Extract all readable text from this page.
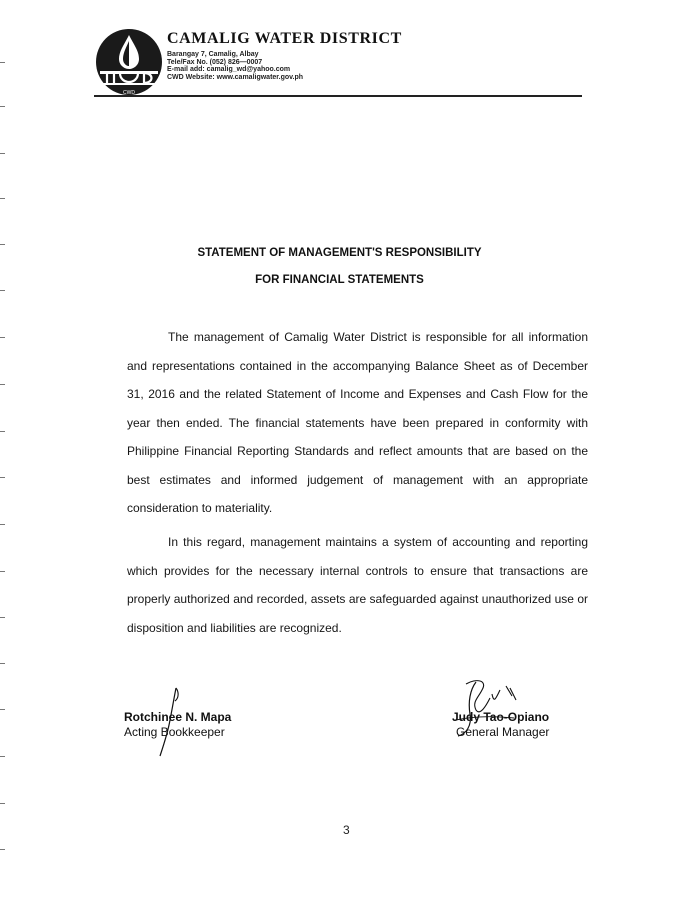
CWD
CAMALIG WATER DISTRICT
Barangay 7, Camalig, Albay
Tele/Fax No. (052) 826—0007
E-mail add: camalig_wd@yahoo.com
CWD Website: www.camaligwater.gov.ph
STATEMENT OF MANAGEMENT'S RESPONSIBILITY
FOR FINANCIAL STATEMENTS

The management of Camalig Water District is responsible for all information and representations contained in the accompanying Balance Sheet as of December 31, 2016 and the related Statement of Income and Expenses and Cash Flow for the year then ended. The financial statements have been prepared in conformity with Philippine Financial Reporting Standards and reflect amounts that are based on the best estimates and informed judgement of management with an appropriate consideration to materiality.

In this regard, management maintains a system of accounting and reporting which provides for the necessary internal controls to ensure that transactions are properly authorized and recorded, assets are safeguarded against unauthorized use or disposition and liabilities are recognized.

Rotchinee N. Mapa
Acting Bookkeeper
Judy Tao-Opiano
General Manager
3
